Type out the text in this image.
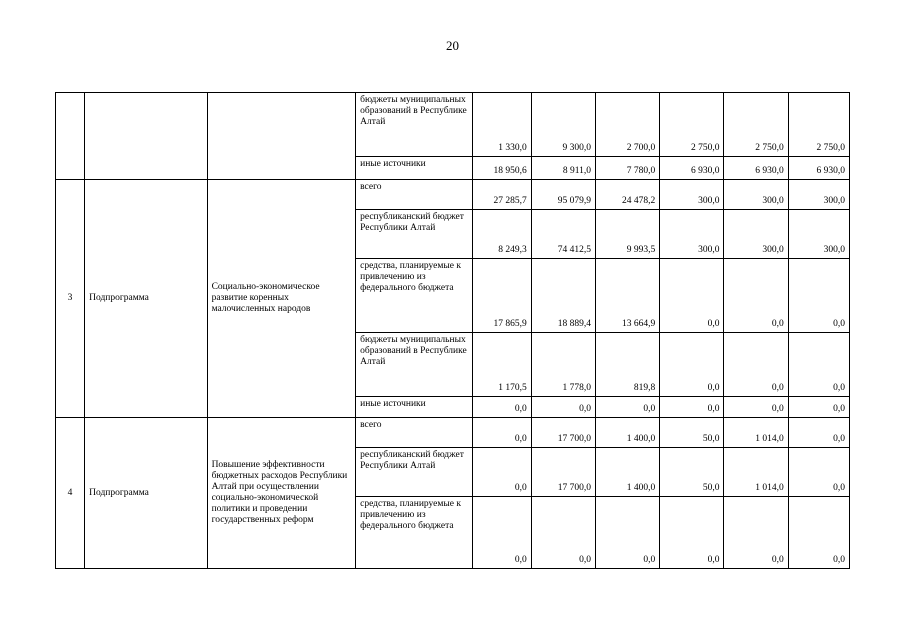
20
			бюджеты муниципальных образований в Республике Алтай	1 330,0	9 300,0	2 700,0	2 750,0	2 750,0	2 750,0
			иные источники	18 950,6	8 911,0	7 780,0	6 930,0	6 930,0	6 930,0
3	Подпрограмма	Социально-экономическое развитие коренных малочисленных народов	всего	27 285,7	95 079,9	24 478,2	300,0	300,0	300,0
			республиканский бюджет Республики Алтай	8 249,3	74 412,5	9 993,5	300,0	300,0	300,0
			средства, планируемые к привлечению из федерального бюджета	17 865,9	18 889,4	13 664,9	0,0	0,0	0,0
			бюджеты муниципальных образований в Республике Алтай	1 170,5	1 778,0	819,8	0,0	0,0	0,0
			иные источники	0,0	0,0	0,0	0,0	0,0	0,0
4	Подпрограмма	Повышение эффективности бюджетных расходов Республики Алтай при осуществлении социально-экономической политики и проведении государственных реформ	всего	0,0	17 700,0	1 400,0	50,0	1 014,0	0,0
			республиканский бюджет Республики Алтай	0,0	17 700,0	1 400,0	50,0	1 014,0	0,0
			средства, планируемые к привлечению из федерального бюджета	0,0	0,0	0,0	0,0	0,0	0,0
